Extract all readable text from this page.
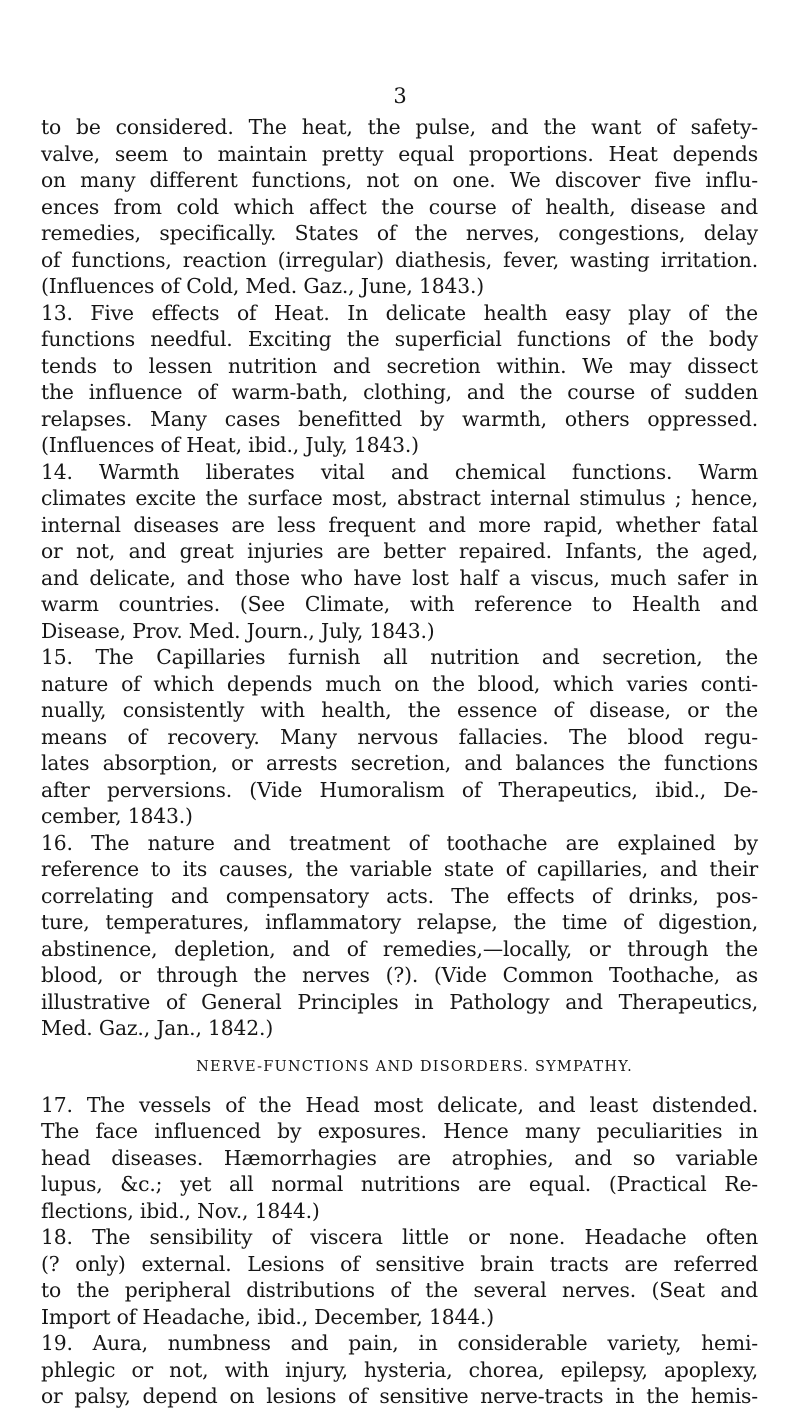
3
to be considered. The heat, the pulse, and the want of safety-
valve, seem to maintain pretty equal proportions. Heat depends
on many different functions, not on one. We discover five influ-
ences from cold which affect the course of health, disease and
remedies, specifically. States of the nerves, congestions, delay
of functions, reaction (irregular) diathesis, fever, wasting irritation.
(Influences of Cold, Med. Gaz., June, 1843.)
13. Five effects of Heat. In delicate health easy play of the
functions needful. Exciting the superficial functions of the body
tends to lessen nutrition and secretion within. We may dissect
the influence of warm-bath, clothing, and the course of sudden
relapses. Many cases benefitted by warmth, others oppressed.
(Influences of Heat, ibid., July, 1843.)
14. Warmth liberates vital and chemical functions. Warm
climates excite the surface most, abstract internal stimulus ; hence,
internal diseases are less frequent and more rapid, whether fatal
or not, and great injuries are better repaired. Infants, the aged,
and delicate, and those who have lost half a viscus, much safer in
warm countries. (See Climate, with reference to Health and
Disease, Prov. Med. Journ., July, 1843.)
15. The Capillaries furnish all nutrition and secretion, the
nature of which depends much on the blood, which varies conti-
nually, consistently with health, the essence of disease, or the
means of recovery. Many nervous fallacies. The blood regu-
lates absorption, or arrests secretion, and balances the functions
after perversions. (Vide Humoralism of Therapeutics, ibid., De-
cember, 1843.)
16. The nature and treatment of toothache are explained by
reference to its causes, the variable state of capillaries, and their
correlating and compensatory acts. The effects of drinks, pos-
ture, temperatures, inflammatory relapse, the time of digestion,
abstinence, depletion, and of remedies,—locally, or through the
blood, or through the nerves (?). (Vide Common Toothache, as
illustrative of General Principles in Pathology and Therapeutics,
Med. Gaz., Jan., 1842.)
NERVE-FUNCTIONS AND DISORDERS. SYMPATHY.
17. The vessels of the Head most delicate, and least distended.
The face influenced by exposures. Hence many peculiarities in
head diseases. Hæmorrhagies are atrophies, and so variable
lupus, &c.; yet all normal nutritions are equal. (Practical Re-
flections, ibid., Nov., 1844.)
18. The sensibility of viscera little or none. Headache often
(? only) external. Lesions of sensitive brain tracts are referred
to the peripheral distributions of the several nerves. (Seat and
Import of Headache, ibid., December, 1844.)
19. Aura, numbness and pain, in considerable variety, hemi-
phlegic or not, with injury, hysteria, chorea, epilepsy, apoplexy,
or palsy, depend on lesions of sensitive nerve-tracts in the hemis-
